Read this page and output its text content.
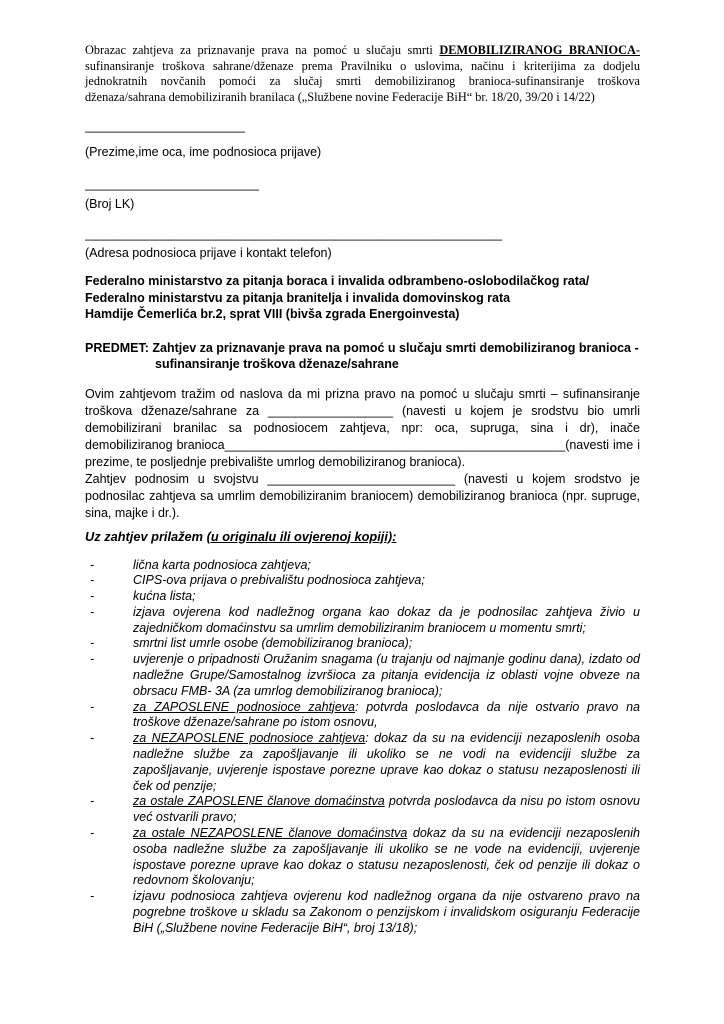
Obrazac zahtjeva za priznavanje prava na pomoć u slučaju smrti DEMOBILIZIRANOG BRANIOCA-sufinansiranje troškova sahrane/dženaze prema Pravilniku o uslovima, načinu i kriterijima za dodjelu jednokratnih novčanih pomoći za slučaj smrti demobiliziranog branioca-sufinansiranje troškova dženaza/sahrana demobiliziranih branilaca („Službene novine Federacije BiH“ br. 18/20, 39/20 i 14/22)
_______________________
(Prezime,ime oca, ime podnosioca prijave)
_________________________
(Broj LK)
____________________________________________________________
(Adresa podnosioca prijave i kontakt telefon)
Federalno ministarstvo za pitanja boraca i invalida odbrambeno-oslobodilačkog rata/
Federalno ministarstvu za pitanja branitelja i invalida domovinskog rata
Hamdije Čemerlića br.2, sprat VIII (bivša zgrada Energoinvesta)
PREDMET: Zahtjev za priznavanje prava na pomoć u slučaju smrti demobiliziranog branioca - sufinansiranje troškova dženaze/sahrane
Ovim zahtjevom tražim od naslova da mi prizna pravo na pomoć u slučaju smrti – sufinansiranje troškova dženaze/sahrane za __________________ (navesti u kojem je srodstvu bio umrli demobilizirani branilac sa podnosiocem zahtjeva, npr: oca, supruga, sina i dr), inače demobiliziranog branioca_________________________________________________(navesti ime i prezime, te posljednje prebivalište umrlog demobiliziranog branioca).
Zahtjev podnosim u svojstvu ___________________________ (navesti u kojem srodstvo je podnosilac zahtjeva sa umrlim demobiliziranim braniocem) demobiliziranog branioca (npr. supruge, sina, majke i dr.).
Uz zahtjev prilažem (u originalu ili ovjerenoj kopiji):
-	lična karta podnosioca zahtjeva;
-	CIPS-ova prijava o prebivalištu podnosioca zahtjeva;
-	kućna lista;
-	izjava ovjerena kod nadležnog organa kao dokaz da je podnosilac zahtjeva živio u zajedničkom domaćinstvu sa umrlim demobiliziranim braniocem u momentu smrti;
-	smrtni list umrle osobe (demobiliziranog branioca);
-	uvjerenje o pripadnosti Oružanim snagama (u trajanju od najmanje godinu dana), izdato od nadležne Grupe/Samostalnog izvršioca za pitanja evidencija iz oblasti vojne obveze na obrsacu FMB- 3A (za umrlog demobiliziranog branioca);
-	za ZAPOSLENE podnosioce zahtjeva: potvrda poslodavca da nije ostvario pravo na troškove dženaze/sahrane po istom osnovu,
-	za NEZAPOSLENE podnosioce zahtjeva: dokaz da su na evidenciji nezaposlenih osoba nadležne službe za zapošljavanje ili ukoliko se ne vodi na evidenciji službe za zapošljavanje, uvjerenje ispostave porezne uprave kao dokaz o statusu nezaposlenosti ili ček od penzije;
-	za ostale ZAPOSLENE članove domaćinstva potvrda poslodavca da nisu po istom osnovu već ostvarili pravo;
-	za ostale NEZAPOSLENE članove domaćinstva dokaz da su na evidenciji nezaposlenih osoba nadležne službe za zapošljavanje ili ukoliko se ne vode na evidenciji, uvjerenje ispostave porezne uprave kao dokaz o statusu nezaposlenosti, ček od penzije ili dokaz o redovnom školovanju;
-	izjavu podnosioca zahtjeva ovjerenu kod nadležnog organa da nije ostvareno pravo na pogrebne troškove u skladu sa Zakonom o penzijskom i invalidskom osiguranju Federacije BiH („Službene novine Federacije BiH“, broj 13/18);
